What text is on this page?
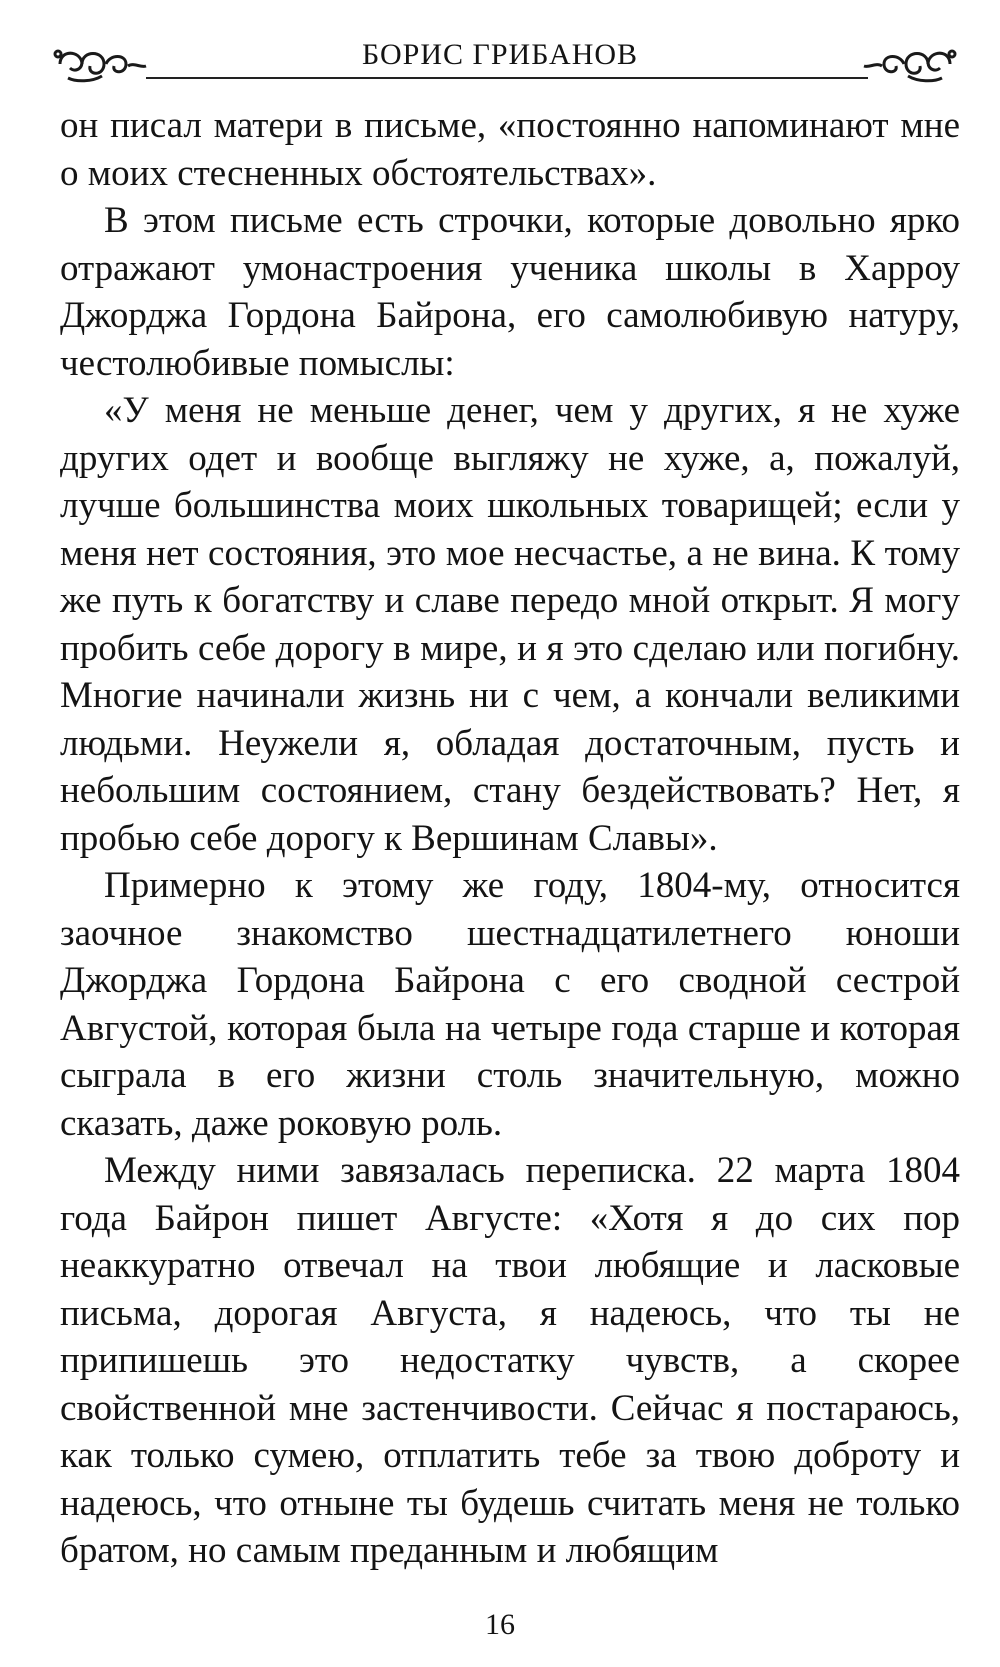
БОРИС ГРИБАНОВ

он писал матери в письме, «постоянно напоминают мне о моих стесненных обстоятельствах».

В этом письме есть строчки, которые довольно ярко отражают умонастроения ученика школы в Харроу Джорджа Гордона Байрона, его самолюбивую натуру, честолюбивые помыслы:

«У меня не меньше денег, чем у других, я не хуже других одет и вообще выгляжу не хуже, а, пожалуй, лучше большинства моих школьных товарищей; если у меня нет состояния, это мое несчастье, а не вина. К тому же путь к богатству и славе передо мной открыт. Я могу пробить себе дорогу в мире, и я это сделаю или погибну. Многие начинали жизнь ни с чем, а кончали великими людьми. Неужели я, обладая достаточным, пусть и небольшим состоянием, стану бездействовать? Нет, я пробью себе дорогу к Вершинам Славы».

Примерно к этому же году, 1804-му, относится заочное знакомство шестнадцатилетнего юноши Джорджа Гордона Байрона с его сводной сестрой Августой, которая была на четыре года старше и которая сыграла в его жизни столь значительную, можно сказать, даже роковую роль.

Между ними завязалась переписка. 22 марта 1804 года Байрон пишет Августе: «Хотя я до сих пор неаккуратно отвечал на твои любящие и ласковые письма, дорогая Августа, я надеюсь, что ты не припишешь это недостатку чувств, а скорее свойственной мне застенчивости. Сейчас я постараюсь, как только сумею, отплатить тебе за твою доброту и надеюсь, что отныне ты будешь считать меня не только братом, но самым преданным и любящим

16
